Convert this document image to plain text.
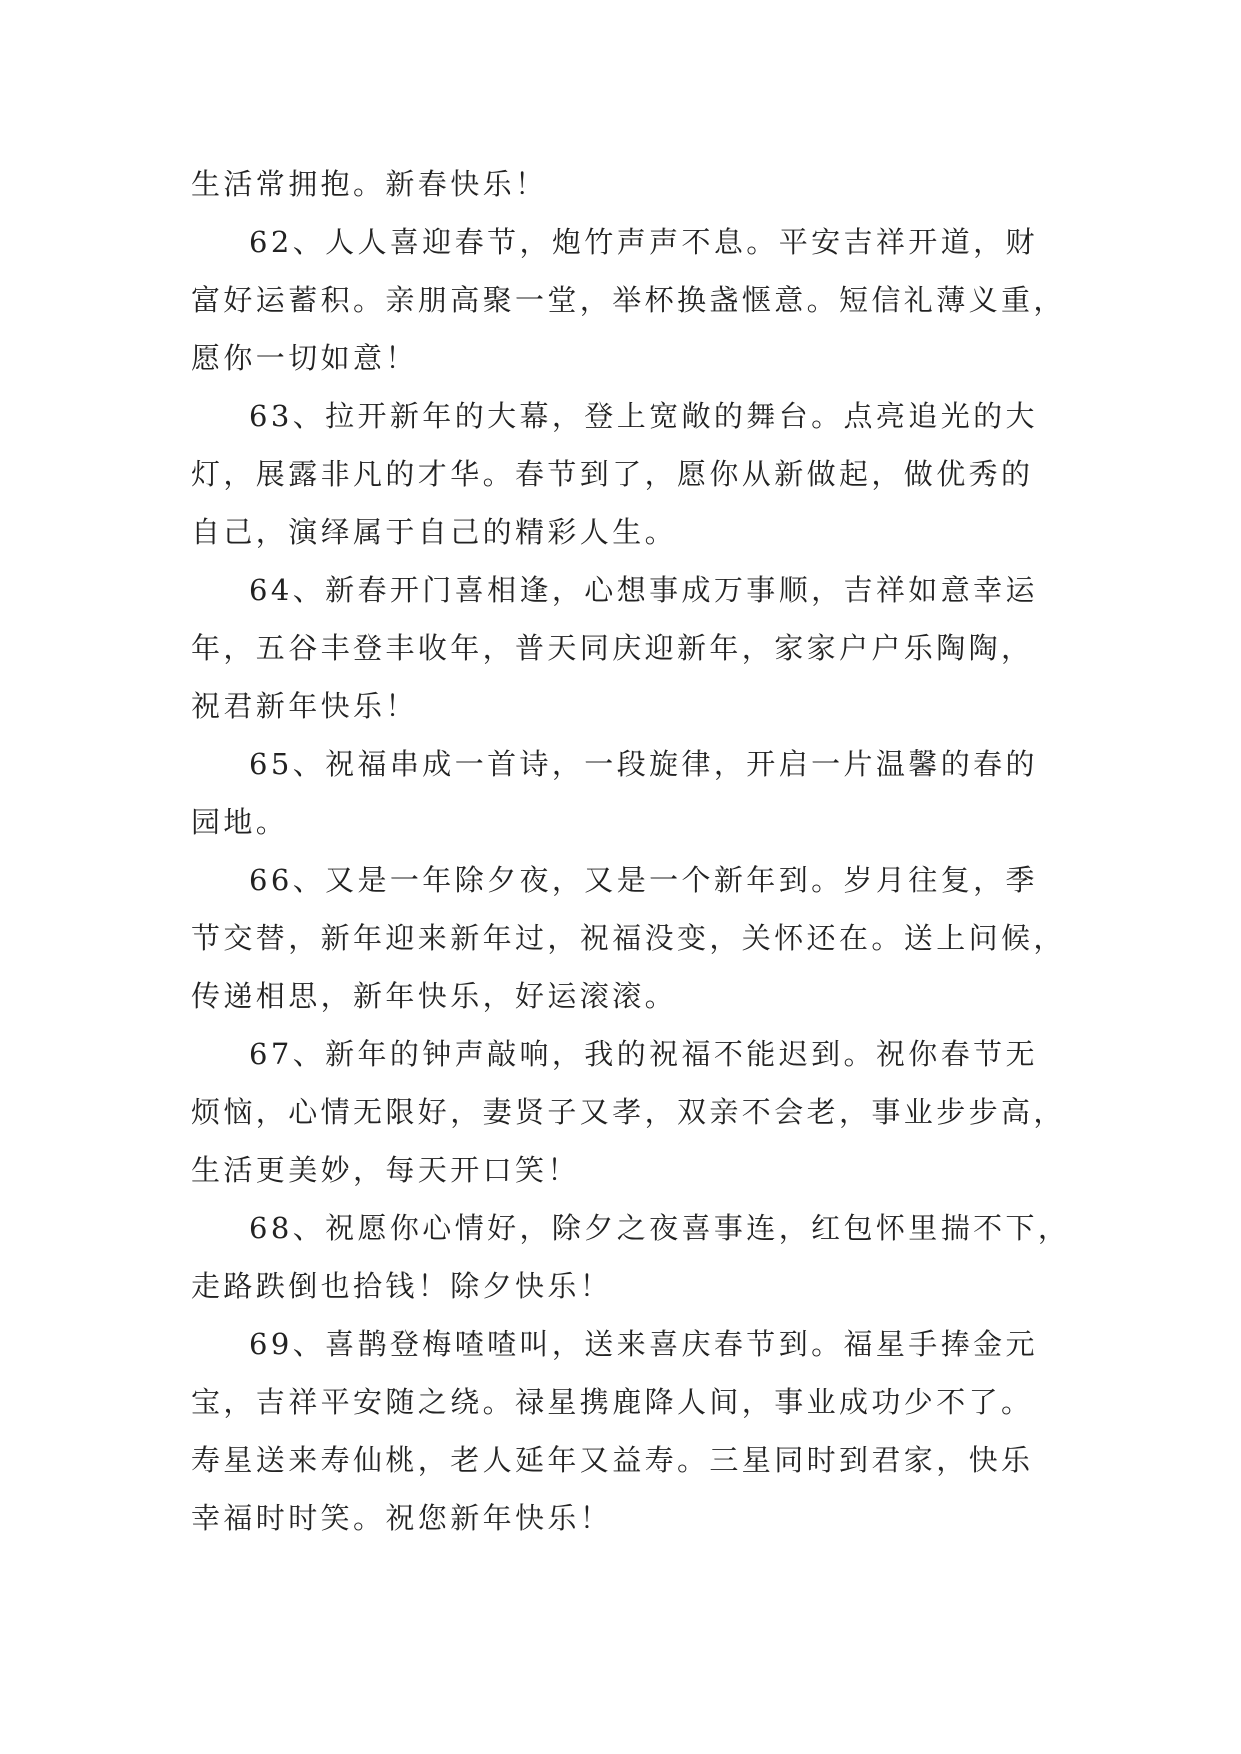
生活常拥抱。新春快乐！
62、人人喜迎春节，炮竹声声不息。平安吉祥开道，财
富好运蓄积。亲朋高聚一堂，举杯换盏惬意。短信礼薄义重，
愿你一切如意！
63、拉开新年的大幕，登上宽敞的舞台。点亮追光的大
灯，展露非凡的才华。春节到了，愿你从新做起，做优秀的
自己，演绎属于自己的精彩人生。
64、新春开门喜相逢，心想事成万事顺，吉祥如意幸运
年，五谷丰登丰收年，普天同庆迎新年，家家户户乐陶陶，
祝君新年快乐！
65、祝福串成一首诗，一段旋律，开启一片温馨的春的
园地。
66、又是一年除夕夜，又是一个新年到。岁月往复，季
节交替，新年迎来新年过，祝福没变，关怀还在。送上问候，
传递相思，新年快乐，好运滚滚。
67、新年的钟声敲响，我的祝福不能迟到。祝你春节无
烦恼，心情无限好，妻贤子又孝，双亲不会老，事业步步高，
生活更美妙，每天开口笑！
68、祝愿你心情好，除夕之夜喜事连，红包怀里揣不下，
走路跌倒也拾钱！除夕快乐！
69、喜鹊登梅喳喳叫，送来喜庆春节到。福星手捧金元
宝，吉祥平安随之绕。禄星携鹿降人间，事业成功少不了。
寿星送来寿仙桃，老人延年又益寿。三星同时到君家，快乐
幸福时时笑。祝您新年快乐！
